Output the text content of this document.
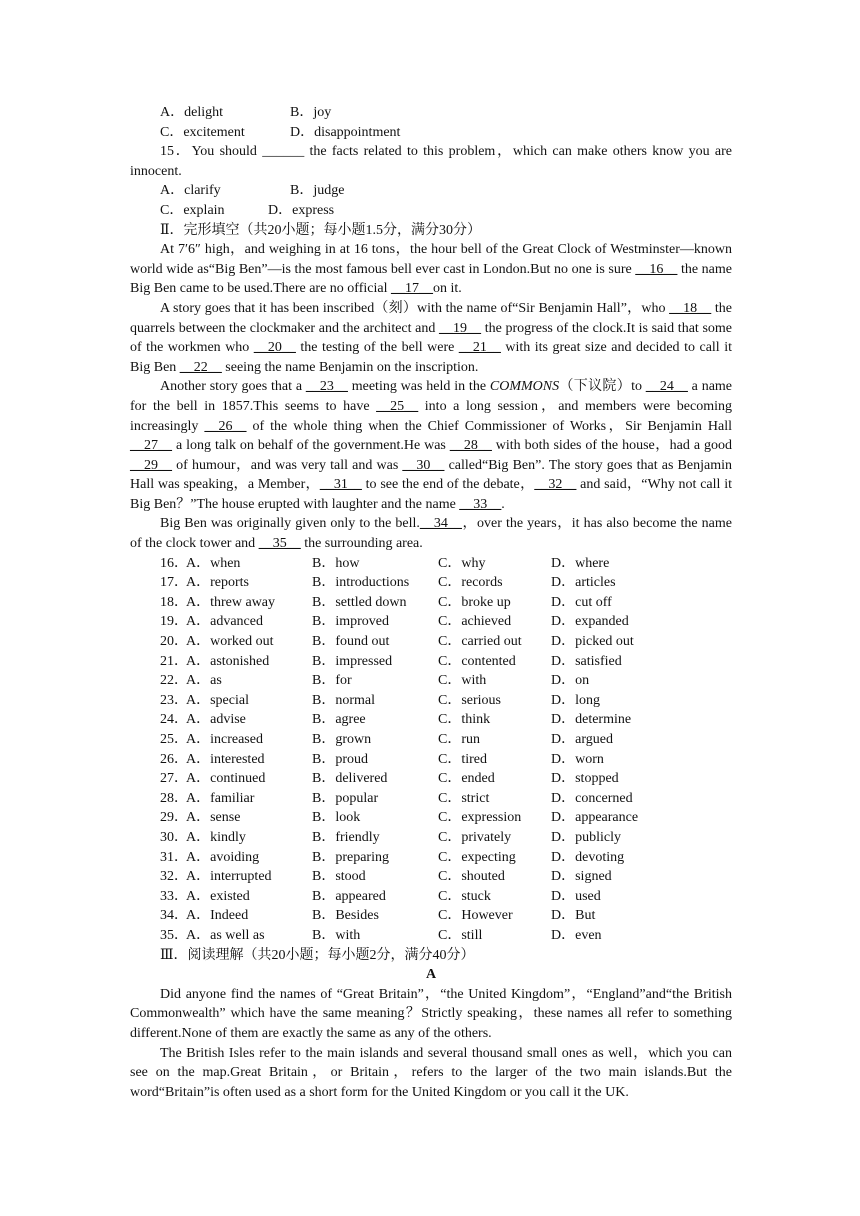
A．delight	B．joy
C．excitement	D．disappointment

15．You should ______ the facts related to this problem，which can make others know you are innocent.

A．clarify	B．judge
C．explain	D．express

Ⅱ．完形填空（共20小题；每小题1.5分，满分30分）

At 7′6″ high，and weighing in at 16 tons，the hour bell of the Great Clock of Westminster—known world wide as“Big Ben”—is the most famous bell ever cast in London.But no one is sure __16__ the name Big Ben came to be used.There are no official __17__on it.

A story goes that it has been inscribed（刻）with the name of“Sir Benjamin Hall”，who __18__ the quarrels between the clockmaker and the architect and __19__ the progress of the clock.It is said that some of the workmen who __20__ the testing of the bell were __21__ with its great size and decided to call it Big Ben __22__ seeing the name Benjamin on the inscription.

Another story goes that a __23__ meeting was held in the COMMONS（下议院）to __24__ a name for the bell in 1857.This seems to have __25__ into a long session，and members were becoming increasingly __26__ of the whole thing when the Chief Commissioner of Works，Sir Benjamin Hall __27__ a long talk on behalf of the government.He was __28__ with both sides of the house，had a good __29__ of humour，and was very tall and was __30__ called“Big Ben”. The story goes that as Benjamin Hall was speaking，a Member，__31__ to see the end of the debate，__32__ and said，“Why not call it Big Ben？”The house erupted with laughter and the name __33__.

Big Ben was originally given only to the bell.__34__，over the years，it has also become the name of the clock tower and __35__ the surrounding area.

16．
A．when	B．how	C．why	D．where
17．
A．reports	B．introductions	C．records	D．articles
18．
A．threw away	B．settled down	C．broke up	D．cut off
19．
A．advanced	B．improved	C．achieved	D．expanded
20．
A．worked out	B．found out	C．carried out	D．picked out
21．
A．astonished	B．impressed	C．contented	D．satisfied
22．
A．as	B．for	C．with	D．on
23．
A．special	B．normal	C．serious	D．long
24．
A．advise	B．agree	C．think	D．determine
25．
A．increased	B．grown	C．run	D．argued
26．
A．interested	B．proud	C．tired	D．worn
27．
A．continued	B．delivered	C．ended	D．stopped
28．
A．familiar	B．popular	C．strict	D．concerned
29．
A．sense	B．look	C．expression	D．appearance
30．
A．kindly	B．friendly	C．privately	D．publicly
31．
A．avoiding	B．preparing	C．expecting	D．devoting
32．
A．interrupted	B．stood	C．shouted	D．signed
33．
A．existed	B．appeared	C．stuck	D．used
34．
A．Indeed	B．Besides	C．However	D．But
35．
A．as well as	B．with	C．still	D．even

Ⅲ．阅读理解（共20小题；每小题2分，满分40分）

A

Did anyone find the names of “Great Britain”，“the United Kingdom”，“England”and“the British Commonwealth” which have the same meaning？Strictly speaking，these names all refer to something different.None of them are exactly the same as any of the others.

The British Isles refer to the main islands and several thousand small ones as well，which you can see on the map.Great Britain，or Britain，refers to the larger of the two main islands.But the word“Britain”is often used as a short form for the United Kingdom or you call it the UK.
